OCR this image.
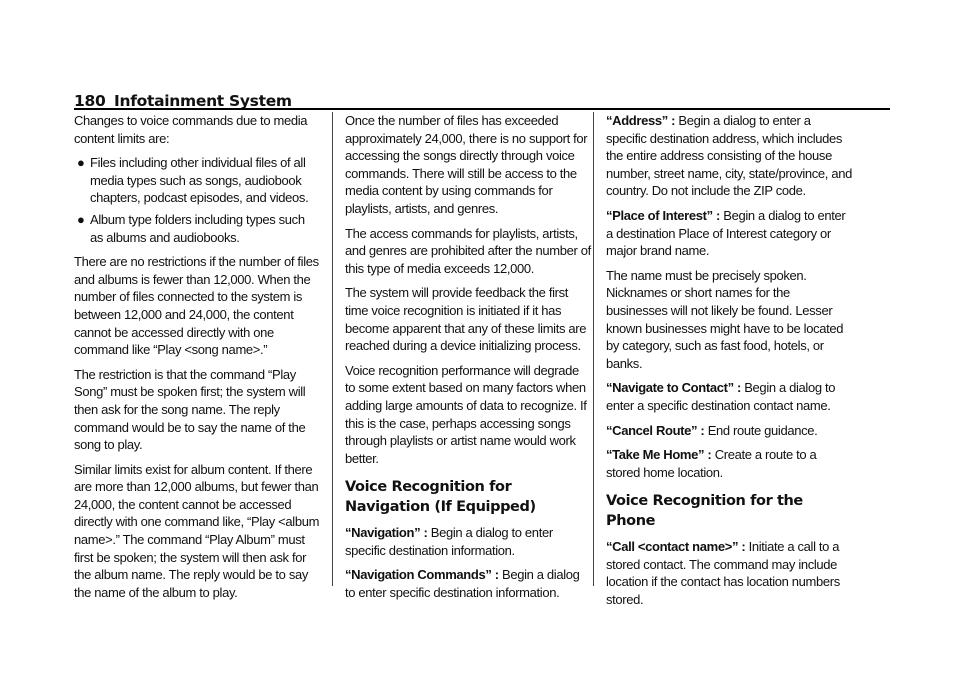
180 Infotainment System

Changes to voice commands due to media content limits are:

● Files including other individual files of all media types such as songs, audiobook chapters, podcast episodes, and videos.
● Album type folders including types such as albums and audiobooks.

There are no restrictions if the number of files and albums is fewer than 12,000. When the number of files connected to the system is between 12,000 and 24,000, the content cannot be accessed directly with one command like “Play <song name>.”

The restriction is that the command “Play Song” must be spoken first; the system will then ask for the song name. The reply command would be to say the name of the song to play.

Similar limits exist for album content. If there are more than 12,000 albums, but fewer than 24,000, the content cannot be accessed directly with one command like, “Play <album name>.” The command “Play Album” must first be spoken; the system will then ask for the album name. The reply would be to say the name of the album to play.

Once the number of files has exceeded approximately 24,000, there is no support for accessing the songs directly through voice commands. There will still be access to the media content by using commands for playlists, artists, and genres.

The access commands for playlists, artists, and genres are prohibited after the number of this type of media exceeds 12,000.

The system will provide feedback the first time voice recognition is initiated if it has become apparent that any of these limits are reached during a device initializing process.

Voice recognition performance will degrade to some extent based on many factors when adding large amounts of data to recognize. If this is the case, perhaps accessing songs through playlists or artist name would work better.

Voice Recognition for Navigation (If Equipped)

“Navigation” : Begin a dialog to enter specific destination information.

“Navigation Commands” : Begin a dialog to enter specific destination information.

“Address” : Begin a dialog to enter a specific destination address, which includes the entire address consisting of the house number, street name, city, state/province, and country. Do not include the ZIP code.

“Place of Interest” : Begin a dialog to enter a destination Place of Interest category or major brand name.

The name must be precisely spoken. Nicknames or short names for the businesses will not likely be found. Lesser known businesses might have to be located by category, such as fast food, hotels, or banks.

“Navigate to Contact” : Begin a dialog to enter a specific destination contact name.

“Cancel Route” : End route guidance.

“Take Me Home” : Create a route to a stored home location.

Voice Recognition for the Phone

“Call <contact name>” : Initiate a call to a stored contact. The command may include location if the contact has location numbers stored.
